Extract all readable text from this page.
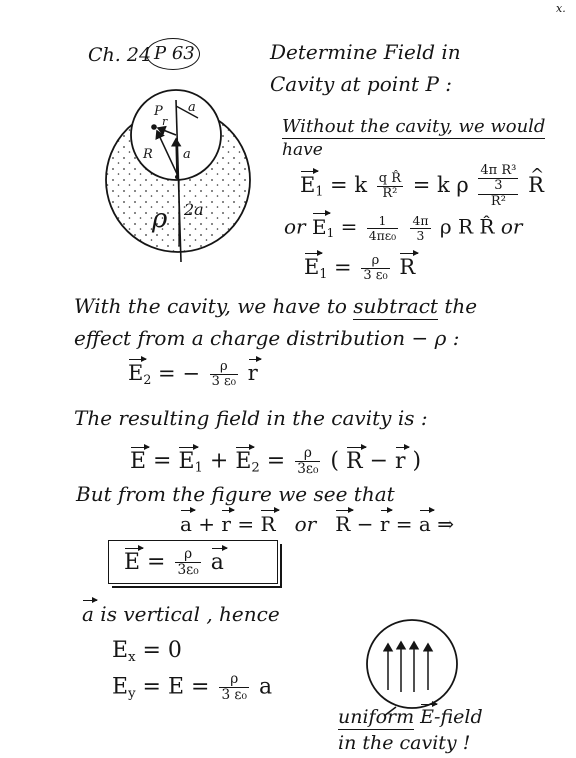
x.
Ch. 24 P 63	Determine Field in
Cavity at point P :
P a
r
R a
ρ 2a
Without the cavity, we would
have
$E_1 = k \frac{\text{q R̂}}{\text{R²}} = k$ ρ
4π R³
3
R²
^ R
or $E_1 = \frac{1}{\text{4πε₀}}$
$\frac{4\pi}{3}$ ρ R R̂ or
$E_1 = \frac{\rho}{\text{3 ε₀}}$ R
With the cavity, we have to subtract the
effect from a charge distribution − ρ :
$E_2$ = − $\frac{\rho}{\text{3 ε₀}}$ r
The resulting field in the cavity is :
$E = E_1 + E_2 = \frac{\rho}{\text{3ε₀}}$ ( R − r )
But from the figure we see that
a + r = R or R − r = a ⇒
$E = \frac{\rho}{\text{3ε₀}}$ a
a is vertical , hence
$E_x = 0$
$E_y = E = \frac{\rho}{\text{3 ε₀}}$ a
uniform E-field
in the cavity !
